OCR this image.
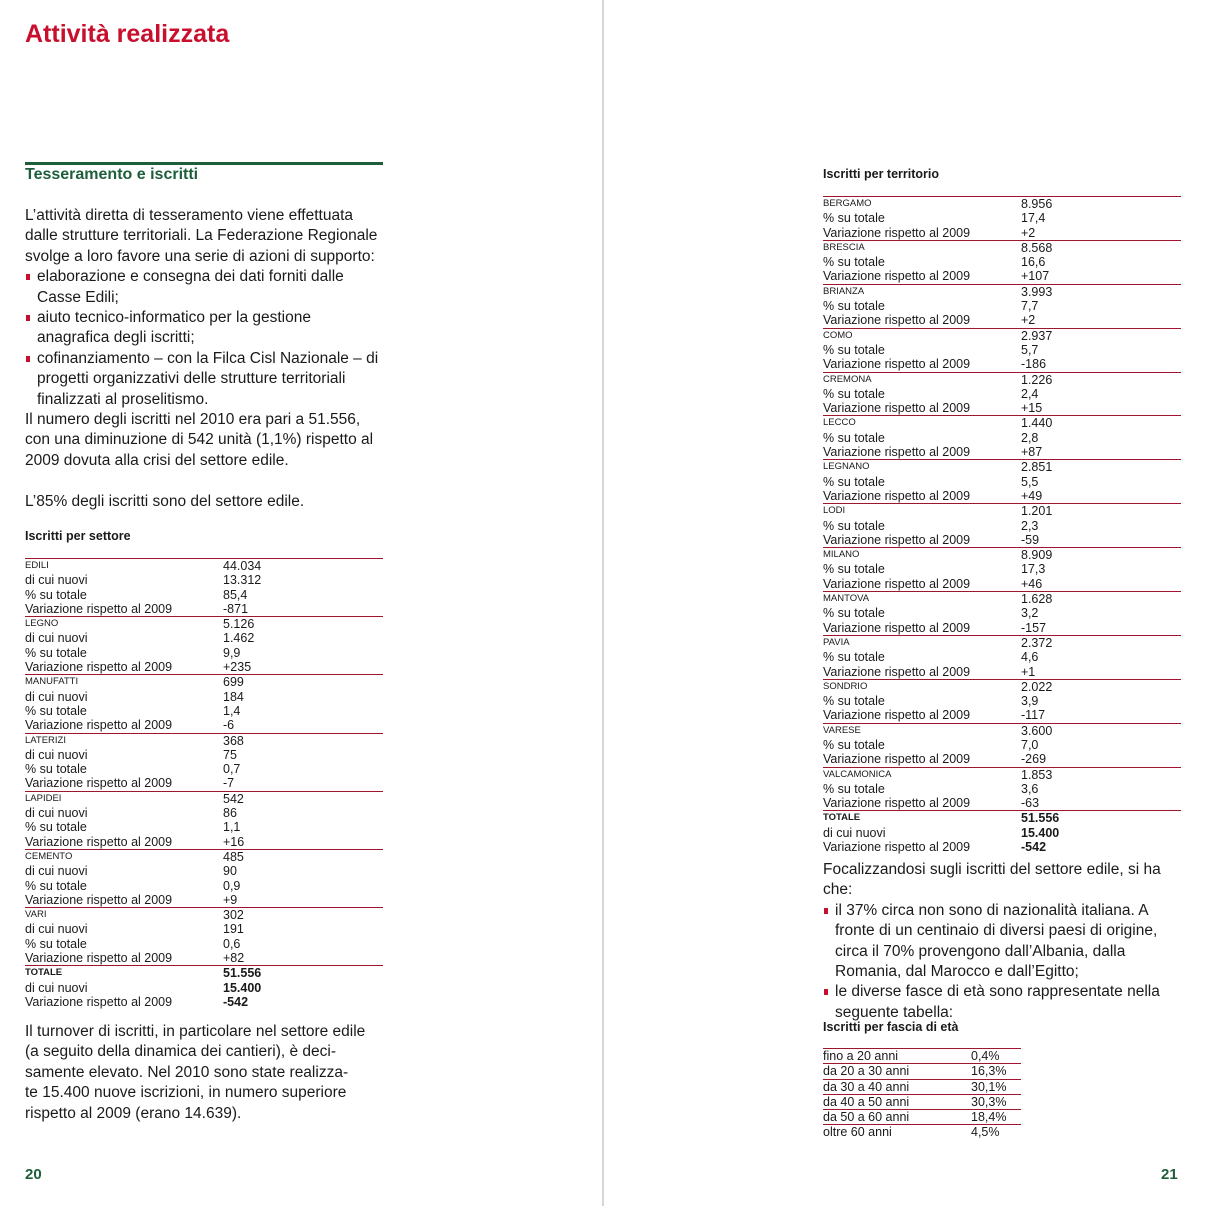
Attività realizzata
Tesseramento e iscritti

L’attività diretta di tesseramento viene effettuata dalle strutture territoriali. La Federazione Regionale svolge a loro favore una serie di azioni di supporto:

elaborazione e consegna dei dati forniti dalle Casse Edili;
aiuto tecnico-informatico per la gestione anagrafica degli iscritti;
cofinanziamento – con la Filca Cisl Nazionale – di progetti organizzativi delle strutture territoriali finalizzati al proselitismo.

Il numero degli iscritti nel 2010 era pari a 51.556, con una diminuzione di 542 unità (1,1%) rispetto al 2009 dovuta alla crisi del settore edile.

L’85% degli iscritti sono del settore edile.

Iscritti per settore
EDILI	44.034
di cui nuovi	13.312
% su totale	85,4
Variazione rispetto al 2009	-871
LEGNO	5.126
di cui nuovi	1.462
% su totale	9,9
Variazione rispetto al 2009	+235
MANUFATTI	699
di cui nuovi	184
% su totale	1,4
Variazione rispetto al 2009	-6
LATERIZI	368
di cui nuovi	75
% su totale	0,7
Variazione rispetto al 2009	-7
LAPIDEI	542
di cui nuovi	86
% su totale	1,1
Variazione rispetto al 2009	+16
CEMENTO	485
di cui nuovi	90
% su totale	0,9
Variazione rispetto al 2009	+9
VARI	302
di cui nuovi	191
% su totale	0,6
Variazione rispetto al 2009	+82
TOTALE	51.556
di cui nuovi	15.400
Variazione rispetto al 2009	-542

Il turnover di iscritti, in particolare nel settore edile

(a seguito della dinamica dei cantieri), è deci-

samente elevato. Nel 2010 sono state realizza-

te 15.400 nuove iscrizioni, in numero superiore

rispetto al 2009 (erano 14.639).

20

Iscritti per territorio
BERGAMO	8.956
% su totale	17,4
Variazione rispetto al 2009	+2
BRESCIA	8.568
% su totale	16,6
Variazione rispetto al 2009	+107
BRIANZA	3.993
% su totale	7,7
Variazione rispetto al 2009	+2
COMO	2.937
% su totale	5,7
Variazione rispetto al 2009	-186
CREMONA	1.226
% su totale	2,4
Variazione rispetto al 2009	+15
LECCO	1.440
% su totale	2,8
Variazione rispetto al 2009	+87
LEGNANO	2.851
% su totale	5,5
Variazione rispetto al 2009	+49
LODI	1.201
% su totale	2,3
Variazione rispetto al 2009	-59
MILANO	8.909
% su totale	17,3
Variazione rispetto al 2009	+46
MANTOVA	1.628
% su totale	3,2
Variazione rispetto al 2009	-157
PAVIA	2.372
% su totale	4,6
Variazione rispetto al 2009	+1
SONDRIO	2.022
% su totale	3,9
Variazione rispetto al 2009	-117
VARESE	3.600
% su totale	7,0
Variazione rispetto al 2009	-269
VALCAMONICA	1.853
% su totale	3,6
Variazione rispetto al 2009	-63
TOTALE	51.556
di cui nuovi	15.400
Variazione rispetto al 2009	-542
Iscritti per fascia di età
fino a 20 anni	0,4%
da 20 a 30 anni	16,3%
da 30 a 40 anni	30,1%
da 40 a 50 anni	30,3%
da 50 a 60 anni	18,4%
oltre 60 anni	4,5%

21

Focalizzandosi sugli iscritti del settore edile, si ha che:

il 37% circa non sono di nazionalità italiana. A fronte di un centinaio di diversi paesi di origine, circa il 70% provengono dall’Albania, dalla Romania, dal Marocco e dall’Egitto;
le diverse fasce di età sono rappresentate nella seguente tabella:
